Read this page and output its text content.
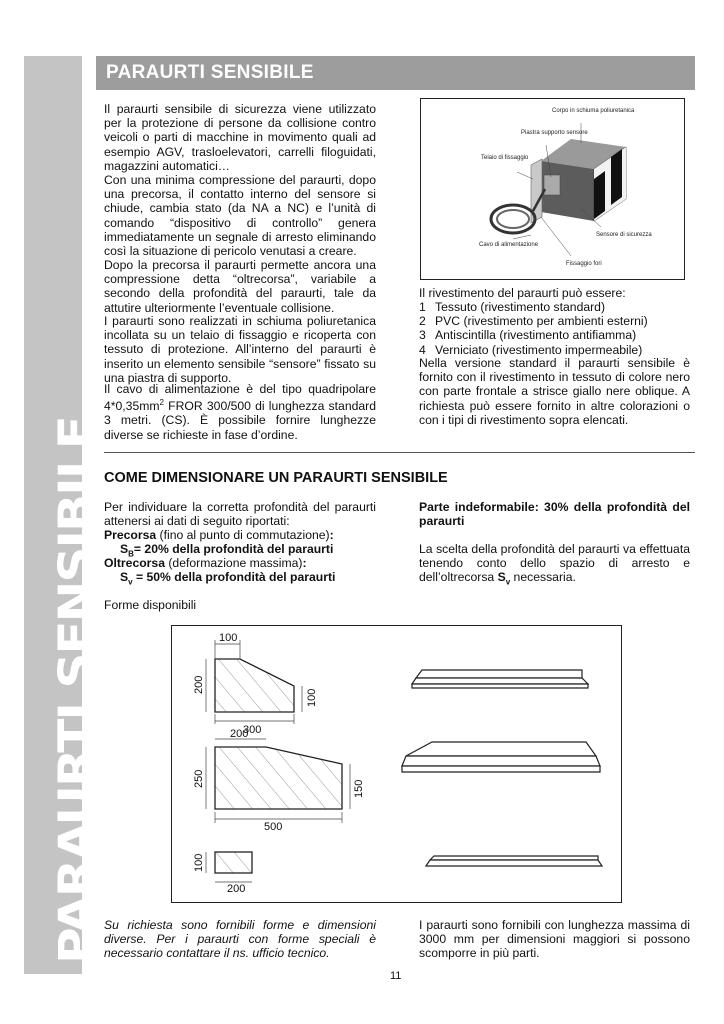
PARAURTI SENSIBILE
PARAURTI SENSIBILE
Il paraurti sensibile di sicurezza viene utilizzato per la protezione di persone da collisione contro veicoli o parti di macchine in movimento quali ad esempio AGV, trasloelevatori, carrelli filoguidati, magazzini automatici…
Con una minima compressione del paraurti, dopo una precorsa, il contatto interno del sensore si chiude, cambia stato (da NA a NC) e l’unità di comando “dispositivo di controllo” genera immediatamente un segnale di arresto eliminando così la situazione di pericolo venutasi a creare.
Dopo la precorsa il paraurti permette ancora una compressione detta “oltrecorsa”, variabile a secondo della profondità del paraurti, tale da attutire ulteriormente l’eventuale collisione.
I paraurti sono realizzati in schiuma poliuretanica incollata su un telaio di fissaggio e ricoperta con tessuto di protezione. All’interno del paraurti è inserito un elemento sensibile “sensore” fissato su una piastra di supporto.
Il cavo di alimentazione è del tipo quadripolare $4*0,35mm^2$ FROR 300/500 di lunghezza standard 3 metri. (CS). È possibile fornire lunghezze diverse se richieste in fase d’ordine.
Corpo in schiuma poliuretanica
Piastra supporto sensore
Telaio di fissaggio
Cavo di alimentazione
Sensore di sicurezza
Fissaggio fori
Il rivestimento del paraurti può essere:
1 Tessuto (rivestimento standard)
2 PVC (rivestimento per ambienti esterni)
3 Antiscintilla (rivestimento antifiamma)
4 Verniciato (rivestimento impermeabile)
Nella versione standard il paraurti sensibile è fornito con il rivestimento in tessuto di colore nero con parte frontale a strisce giallo nere oblique. A richiesta può essere fornito in altre colorazioni o con i tipi di rivestimento sopra elencati.
COME DIMENSIONARE UN PARAURTI SENSIBILE
Per individuare la corretta profondità del paraurti attenersi ai dati di seguito riportati:
Precorsa (fino al punto di commutazione):
$S_B= 20\%$ della profondità del paraurti
Oltrecorsa (deformazione massima):
$S_v = 50\%$ della profondità del paraurti
Forme disponibili
Parte indeformabile: 30% della profondità del paraurti
La scelta della profondità del paraurti va effettuata tenendo conto dello spazio di arresto e dell’oltrecorsa $S_v$ necessaria.
100
200
100
300
200
250
150
500
100
200
Su richiesta sono fornibili forme e dimensioni diverse. Per i paraurti con forme speciali è necessario contattare il ns. ufficio tecnico.
I paraurti sono fornibili con lunghezza massima di 3000 mm per dimensioni maggiori si possono scomporre in più parti.
11
